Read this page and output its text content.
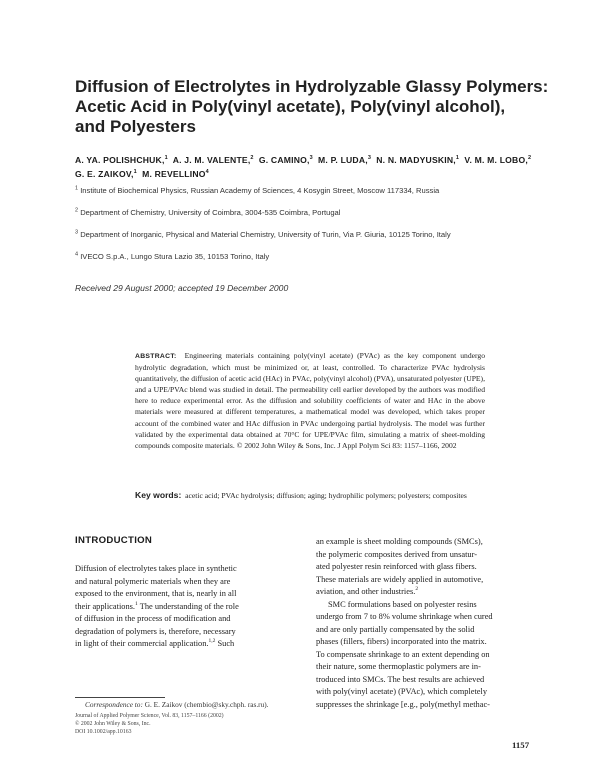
Diffusion of Electrolytes in Hydrolyzable Glassy Polymers:
Acetic Acid in Poly(vinyl acetate), Poly(vinyl alcohol),
and Polyesters
A. YA. POLISHCHUK,$^1$ A. J. M. VALENTE,$^2$ G. CAMINO,$^3$ M. P. LUDA,$^3$ N. N. MADYUSKIN,$^1$ V. M. M. LOBO,$^2$
G. E. ZAIKOV,$^1$ M. REVELLINO$^4$
$^1$ Institute of Biochemical Physics, Russian Academy of Sciences, 4 Kosygin Street, Moscow 117334, Russia
$^2$ Department of Chemistry, University of Coimbra, 3004-535 Coimbra, Portugal
$^3$ Department of Inorganic, Physical and Material Chemistry, University of Turin, Via P. Giuria, 10125 Torino, Italy
$^4$ IVECO S.p.A., Lungo Stura Lazio 35, 10153 Torino, Italy
Received 29 August 2000; accepted 19 December 2000
ABSTRACT: Engineering materials containing poly(vinyl acetate) (PVAc) as the key component undergo hydrolytic degradation, which must be minimized or, at least, controlled. To characterize PVAc hydrolysis quantitatively, the diffusion of acetic acid (HAc) in PVAc, poly(vinyl alcohol) (PVA), unsaturated polyester (UPE), and a UPE/PVAc blend was studied in detail. The permeability cell earlier developed by the authors was modified here to reduce experimental error. As the diffusion and solubility coefficients of water and HAc in the above materials were measured at different temperatures, a mathematical model was developed, which takes proper account of the combined water and HAc diffusion in PVAc undergoing partial hydrolysis. The model was further validated by the experimental data obtained at 70°C for UPE/PVAc film, simulating a matrix of sheet-molding compounds composite materials. © 2002 John Wiley & Sons, Inc. J Appl Polym Sci 83: 1157–1166, 2002
Key words: acetic acid; PVAc hydrolysis; diffusion; aging; hydrophilic polymers; polyesters; composites
INTRODUCTION
Diffusion of electrolytes takes place in synthetic
and natural polymeric materials when they are
exposed to the environment, that is, nearly in all
their applications.$^1$ The understanding of the role
of diffusion in the process of modification and
degradation of polymers is, therefore, necessary
in light of their commercial application.$^{1,2}$ Such
an example is sheet molding compounds (SMCs),
the polymeric composites derived from unsatur-
ated polyester resin reinforced with glass fibers.
These materials are widely applied in automotive,
aviation, and other industries.$^2$
SMC formulations based on polyester resins
undergo from 7 to 8% volume shrinkage when cured
and are only partially compensated by the solid
phases (fillers, fibers) incorporated into the matrix.
To compensate shrinkage to an extent depending on
their nature, some thermoplastic polymers are in-
troduced into SMCs. The best results are achieved
with poly(vinyl acetate) (PVAc), which completely
suppresses the shrinkage [e.g., poly(methyl methac-
Correspondence to: G. E. Zaikov (chembio@sky.chph. ras.ru).
Journal of Applied Polymer Science, Vol. 83, 1157–1166 (2002)
© 2002 John Wiley & Sons, Inc.
DOI 10.1002/app.10163
1157
